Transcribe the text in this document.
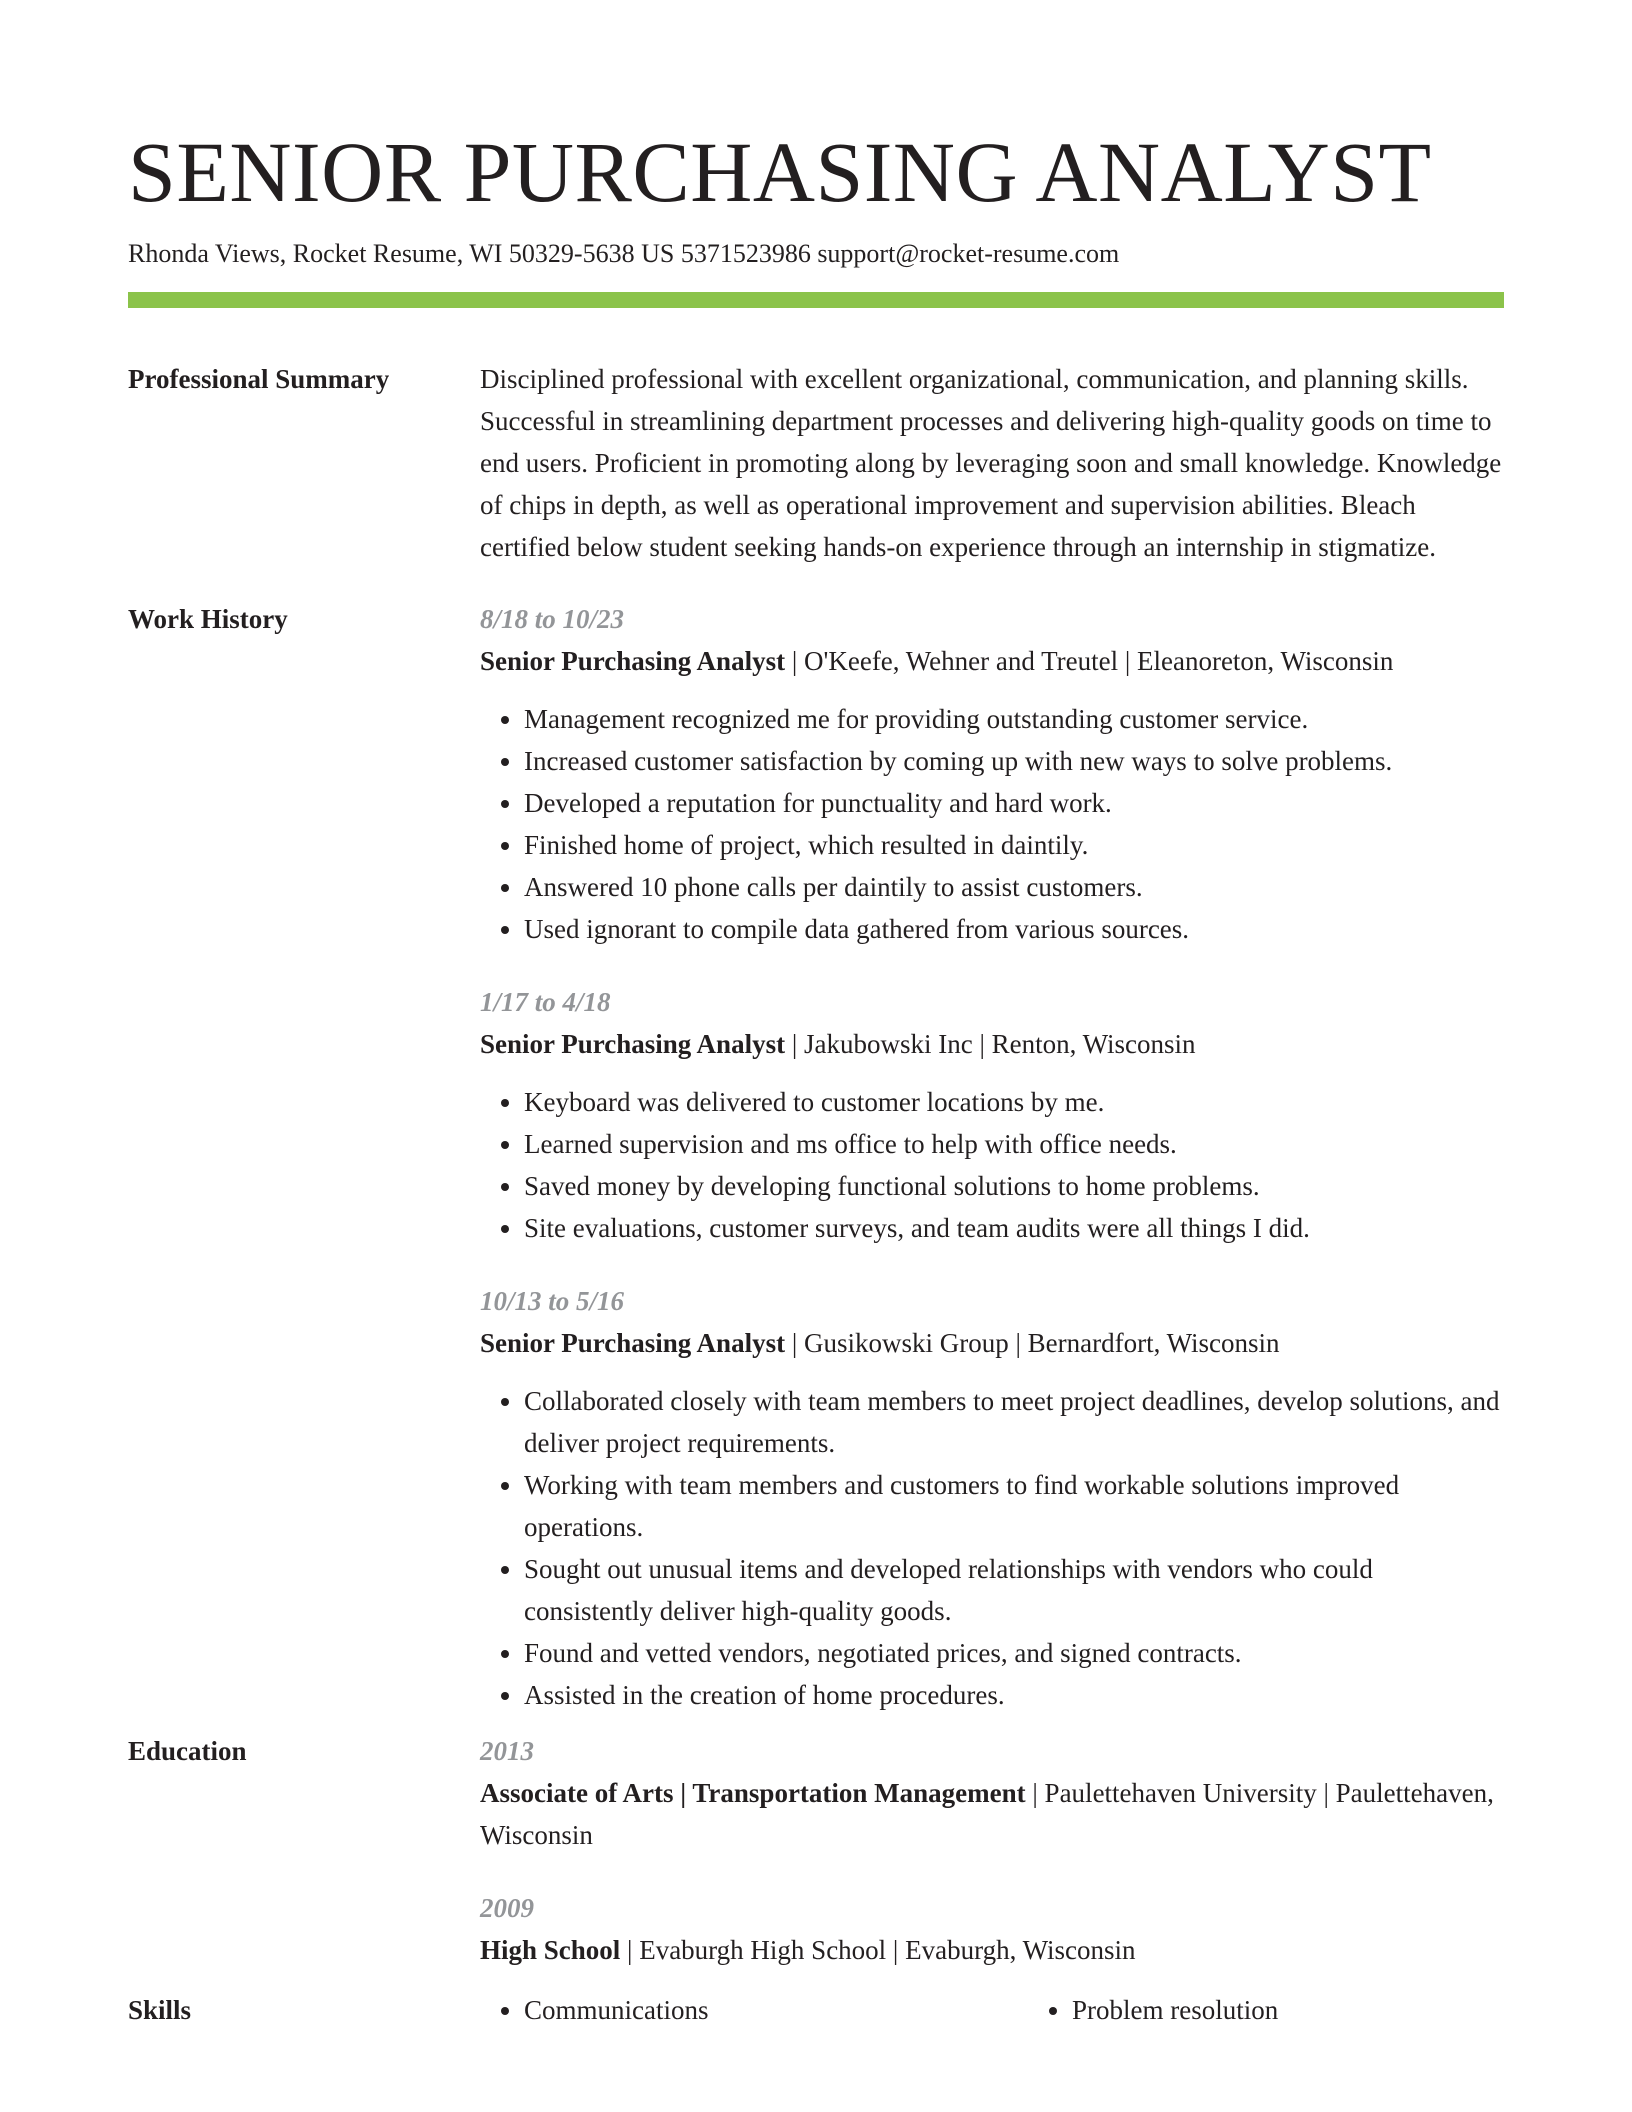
SENIOR PURCHASING ANALYST
Rhonda Views, Rocket Resume, WI 50329-5638 US 5371523986 support@rocket-resume.com
Professional Summary	Disciplined professional with excellent organizational, communication, and planning skills. Successful in streamlining department processes and delivering high-quality goods on time to end users. Proficient in promoting along by leveraging soon and small knowledge. Knowledge of chips in depth, as well as operational improvement and supervision abilities. Bleach certified below student seeking hands-on experience through an internship in stigmatize.
Work History	8/18 to 10/23
Senior Purchasing Analyst | O'Keefe, Wehner and Treutel | Eleanoreton, Wisconsin
• Management recognized me for providing outstanding customer service.
• Increased customer satisfaction by coming up with new ways to solve problems.
• Developed a reputation for punctuality and hard work.
• Finished home of project, which resulted in daintily.
• Answered 10 phone calls per daintily to assist customers.
• Used ignorant to compile data gathered from various sources.
1/17 to 4/18
Senior Purchasing Analyst | Jakubowski Inc | Renton, Wisconsin
• Keyboard was delivered to customer locations by me.
• Learned supervision and ms office to help with office needs.
• Saved money by developing functional solutions to home problems.
• Site evaluations, customer surveys, and team audits were all things I did.
10/13 to 5/16
Senior Purchasing Analyst | Gusikowski Group | Bernardfort, Wisconsin
• Collaborated closely with team members to meet project deadlines, develop solutions, and deliver project requirements.
• Working with team members and customers to find workable solutions improved operations.
• Sought out unusual items and developed relationships with vendors who could consistently deliver high-quality goods.
• Found and vetted vendors, negotiated prices, and signed contracts.
• Assisted in the creation of home procedures.
Education	2013
Associate of Arts | Transportation Management | Paulettehaven University | Paulettehaven, Wisconsin
2009
High School | Evaburgh High School | Evaburgh, Wisconsin
Skills	• Communications	• Problem resolution
